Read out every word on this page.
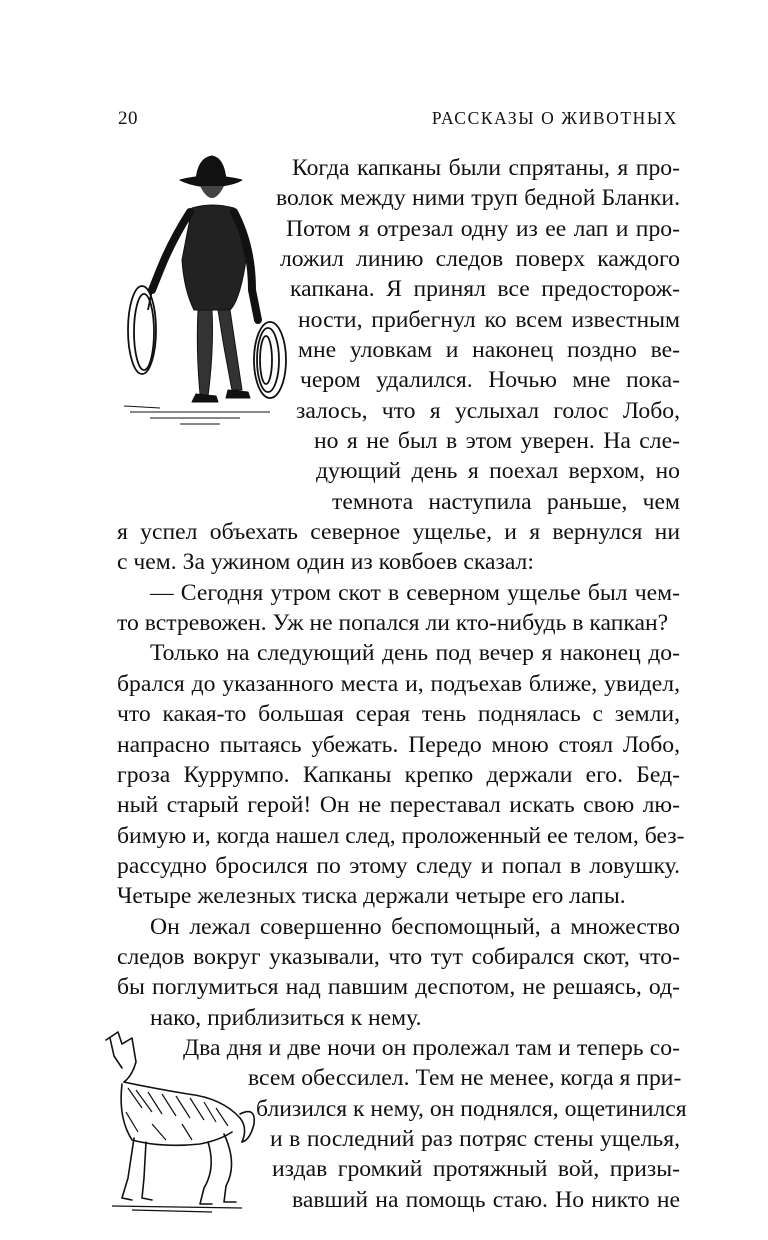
20	РАССКАЗЫ О ЖИВОТНЫХ
Когда капканы были спрятаны, я про-
волок между ними труп бедной Бланки.
Потом я отрезал одну из ее лап и про-
ложил линию следов поверх каждого
капкана. Я принял все предосторож-
ности, прибегнул ко всем известным
мне уловкам и наконец поздно ве-
чером удалился. Ночью мне пока-
залось, что я услыхал голос Лобо,
но я не был в этом уверен. На сле-
дующий день я поехал верхом, но
темнота наступила раньше, чем
я успел объехать северное ущелье, и я вернулся ни
с чем. За ужином один из ковбоев сказал:
— Сегодня утром скот в северном ущелье был чем-
то встревожен. Уж не попался ли кто-нибудь в капкан?
Только на следующий день под вечер я наконец до-
брался до указанного места и, подъехав ближе, увидел,
что какая-то большая серая тень поднялась с земли,
напрасно пытаясь убежать. Передо мною стоял Лобо,
гроза Куррумпо. Капканы крепко держали его. Бед-
ный старый герой! Он не переставал искать свою лю-
бимую и, когда нашел след, проложенный ее телом, без-
рассудно бросился по этому следу и попал в ловушку.
Четыре железных тиска держали четыре его лапы.
Он лежал совершенно беспомощный, а множество
следов вокруг указывали, что тут собирался скот, что-
бы поглумиться над павшим деспотом, не решаясь, од-
нако, приблизиться к нему.
Два дня и две ночи он пролежал там и теперь со-
всем обессилел. Тем не менее, когда я при-
близился к нему, он поднялся, ощетинился
и в последний раз потряс стены ущелья,
издав громкий протяжный вой, призы-
вавший на помощь стаю. Но никто не
